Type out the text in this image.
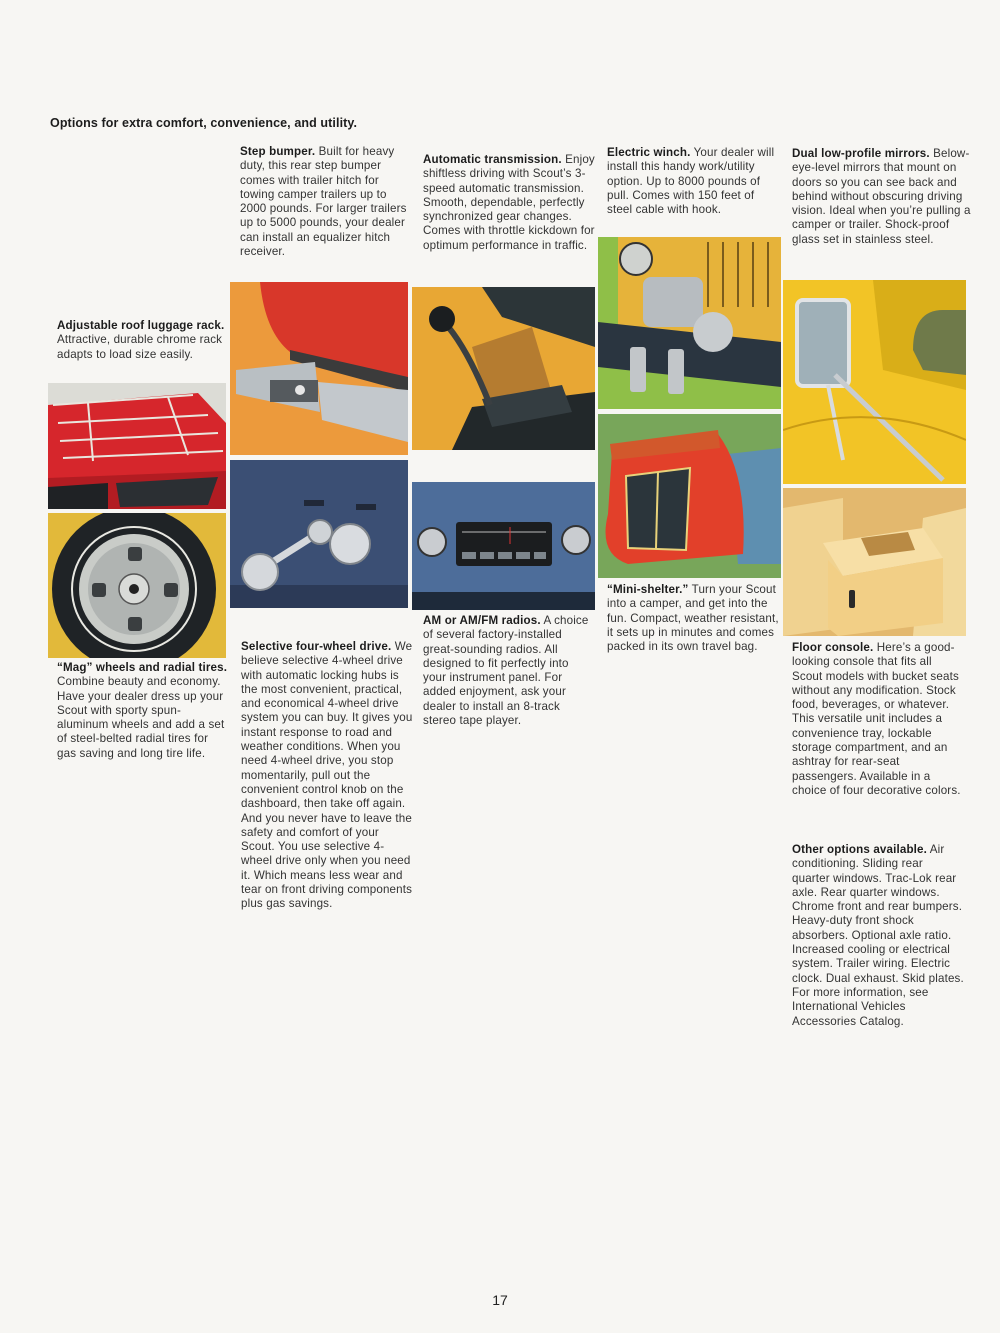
Options for extra comfort, convenience, and utility.
Step bumper. Built for heavy duty, this rear step bumper comes with trailer hitch for towing camper trailers up to 2000 pounds. For larger trailers up to 5000 pounds, your dealer can install an equalizer hitch receiver.
Automatic transmission. Enjoy shiftless driving with Scout’s 3-speed automatic transmission. Smooth, dependable, perfectly synchronized gear changes. Comes with throttle kickdown for optimum performance in traffic.
Electric winch. Your dealer will install this handy work/utility option. Up to 8000 pounds of pull. Comes with 150 feet of steel cable with hook.
Dual low-profile mirrors. Below-eye-level mirrors that mount on doors so you can see back and behind without obscuring driving vision. Ideal when you’re pulling a camper or trailer. Shock-proof glass set in stainless steel.
Adjustable roof luggage rack. Attractive, durable chrome rack adapts to load size easily.
“Mag” wheels and radial tires. Combine beauty and economy. Have your dealer dress up your Scout with sporty spun-aluminum wheels and add a set of steel-belted radial tires for gas saving and long tire life.
Selective four-wheel drive. We believe selective 4-wheel drive with automatic locking hubs is the most convenient, practical, and economical 4-wheel drive system you can buy. It gives you instant response to road and weather conditions. When you need 4-wheel drive, you stop momentarily, pull out the convenient control knob on the dashboard, then take off again. And you never have to leave the safety and comfort of your Scout. You use selective 4-wheel drive only when you need it. Which means less wear and tear on front driving components plus gas savings.
AM or AM/FM radios. A choice of several factory-installed great-sounding radios. All designed to fit perfectly into your instrument panel. For added enjoyment, ask your dealer to install an 8-track stereo tape player.
“Mini-shelter.” Turn your Scout into a camper, and get into the fun. Compact, weather resistant, it sets up in minutes and comes packed in its own travel bag.	Floor console. Here’s a good-looking console that fits all Scout models with bucket seats without any modification. Stock food, beverages, or whatever. This versatile unit includes a convenience tray, lockable storage compartment, and an ashtray for rear-seat passengers. Available in a choice of four decorative colors.
Other options available. Air conditioning. Sliding rear quarter windows. Trac-Lok rear axle. Rear quarter windows. Chrome front and rear bumpers. Heavy-duty front shock absorbers. Optional axle ratio. Increased cooling or electrical system. Trailer wiring. Electric clock. Dual exhaust. Skid plates. For more information, see International Vehicles Accessories Catalog.
17
